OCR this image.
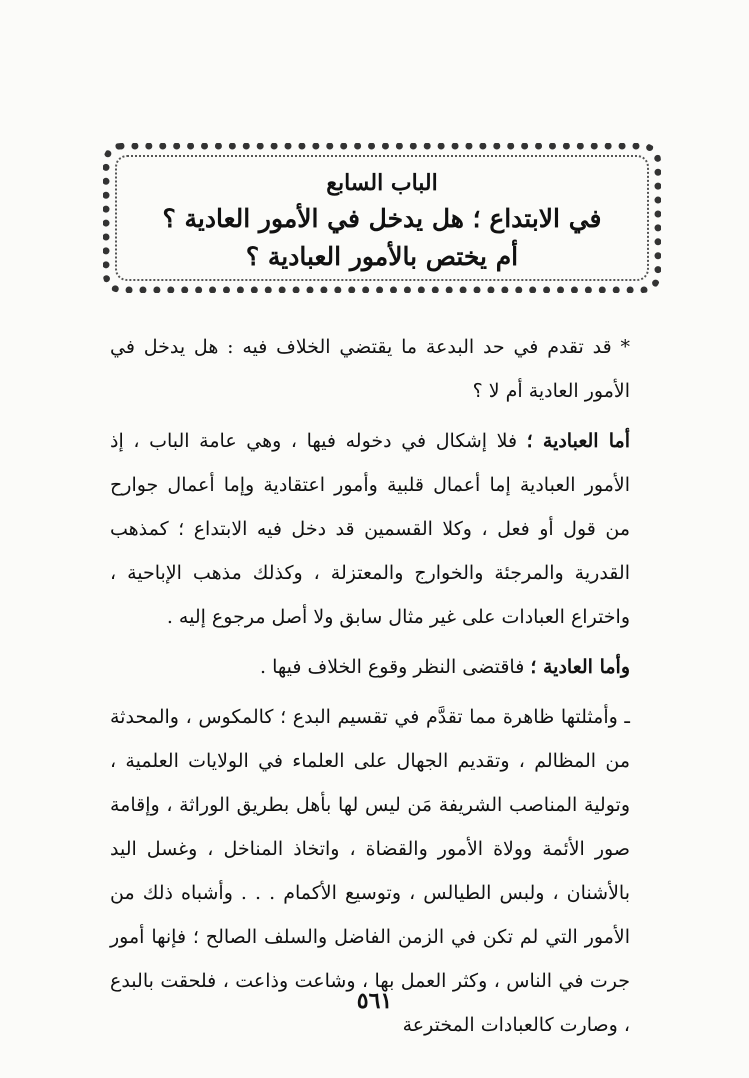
الباب السابع
في الابتداع ؛ هل يدخل في الأمور العادية ؟
أم يختص بالأمور العبادية ؟

* قد تقدم في حد البدعة ما يقتضي الخلاف فيه : هل يدخل في الأمور العادية أم لا ؟

أما العبادية ؛ فلا إشكال في دخوله فيها ، وهي عامة الباب ، إذ الأمور العبادية إما أعمال قلبية وأمور اعتقادية وإما أعمال جوارح من قول أو فعل ، وكلا القسمين قد دخل فيه الابتداع ؛ كمذهب القدرية والمرجئة والخوارج والمعتزلة ، وكذلك مذهب الإباحية ، واختراع العبادات على غير مثال سابق ولا أصل مرجوع إليه .

وأما العادية ؛ فاقتضى النظر وقوع الخلاف فيها .

ـ وأمثلتها ظاهرة مما تقدَّم في تقسيم البدع ؛ كالمكوس ، والمحدثة من المظالم ، وتقديم الجهال على العلماء في الولايات العلمية ، وتولية المناصب الشريفة مَن ليس لها بأهل بطريق الوراثة ، وإقامة صور الأئمة وولاة الأمور والقضاة ، واتخاذ المناخل ، وغسل اليد بالأشنان ، ولبس الطيالس ، وتوسيع الأكمام . . . وأشباه ذلك من الأمور التي لم تكن في الزمن الفاضل والسلف الصالح ؛ فإنها أمور جرت في الناس ، وكثر العمل بها ، وشاعت وذاعت ، فلحقت بالبدع ، وصارت كالعبادات المخترعة

٥٦١
